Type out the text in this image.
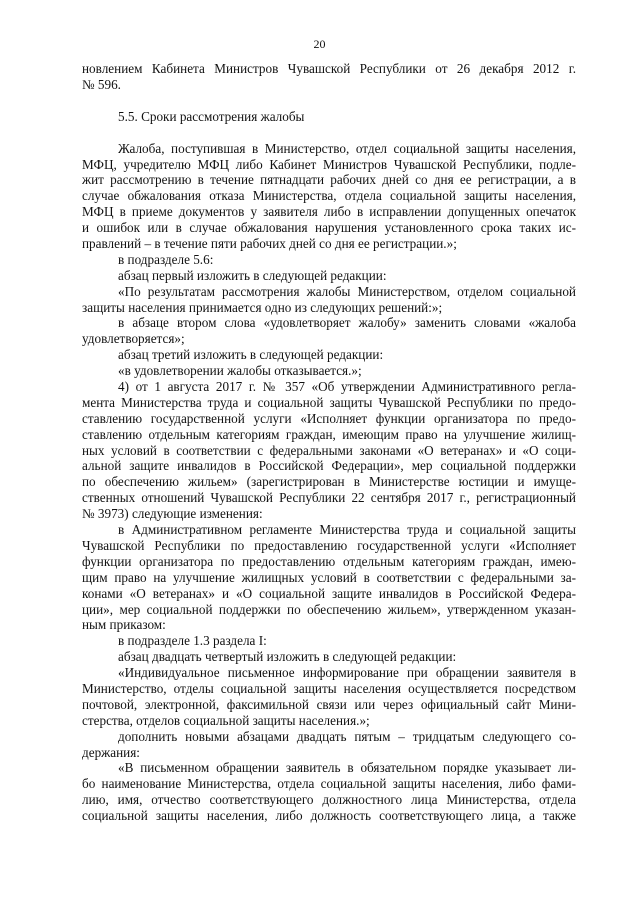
20
новлением Кабинета Министров Чувашской Республики от 26 декабря 2012 г.
№ 596.
5.5. Сроки рассмотрения жалобы
Жалоба, поступившая в Министерство, отдел социальной защиты населения,
МФЦ, учредителю МФЦ либо Кабинет Министров Чувашской Республики, подле-
жит рассмотрению в течение пятнадцати рабочих дней со дня ее регистрации, а в
случае обжалования отказа Министерства, отдела социальной защиты населения,
МФЦ в приеме документов у заявителя либо в исправлении допущенных опечаток
и ошибок или в случае обжалования нарушения установленного срока таких ис-
правлений – в течение пяти рабочих дней со дня ее регистрации.»;
в подразделе 5.6:
абзац первый изложить в следующей редакции:
«По результатам рассмотрения жалобы Министерством, отделом социальной
защиты населения принимается одно из следующих решений:»;
в абзаце втором слова «удовлетворяет жалобу» заменить словами «жалоба
удовлетворяется»;
абзац третий изложить в следующей редакции:
«в удовлетворении жалобы отказывается.»;
4) от 1 августа 2017 г. № 357 «Об утверждении Административного регла-
мента Министерства труда и социальной защиты Чувашской Республики по предо-
ставлению государственной услуги «Исполняет функции организатора по предо-
ставлению отдельным категориям граждан, имеющим право на улучшение жилищ-
ных условий в соответствии с федеральными законами «О ветеранах» и «О соци-
альной защите инвалидов в Российской Федерации», мер социальной поддержки
по обеспечению жильем» (зарегистрирован в Министерстве юстиции и имуще-
ственных отношений Чувашской Республики 22 сентября 2017 г., регистрационный
№ 3973) следующие изменения:
в Административном регламенте Министерства труда и социальной защиты
Чувашской Республики по предоставлению государственной услуги «Исполняет
функции организатора по предоставлению отдельным категориям граждан, имею-
щим право на улучшение жилищных условий в соответствии с федеральными за-
конами «О ветеранах» и «О социальной защите инвалидов в Российской Федера-
ции», мер социальной поддержки по обеспечению жильем», утвержденном указан-
ным приказом:
в подразделе 1.3 раздела I:
абзац двадцать четвертый изложить в следующей редакции:
«Индивидуальное письменное информирование при обращении заявителя в
Министерство, отделы социальной защиты населения осуществляется посредством
почтовой, электронной, факсимильной связи или через официальный сайт Мини-
стерства, отделов социальной защиты населения.»;
дополнить новыми абзацами двадцать пятым – тридцатым следующего со-
держания:
«В письменном обращении заявитель в обязательном порядке указывает ли-
бо наименование Министерства, отдела социальной защиты населения, либо фами-
лию, имя, отчество соответствующего должностного лица Министерства, отдела
социальной защиты населения, либо должность соответствующего лица, а также
